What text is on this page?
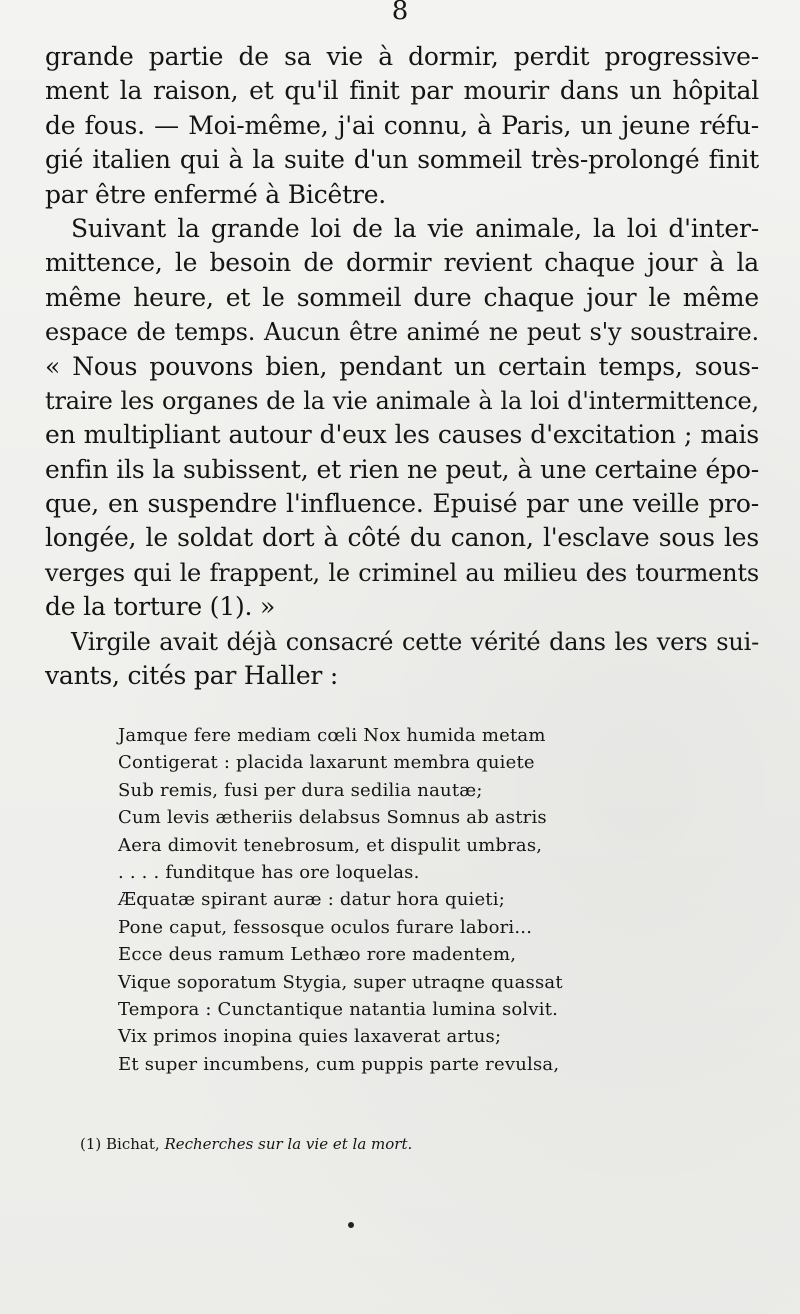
8
grande partie de sa vie à dormir, perdit progressive-
ment la raison, et qu'il finit par mourir dans un hôpital
de fous. — Moi-même, j'ai connu, à Paris, un jeune réfu-
gié italien qui à la suite d'un sommeil très-prolongé finit
par être enfermé à Bicêtre.
Suivant la grande loi de la vie animale, la loi d'inter-
mittence, le besoin de dormir revient chaque jour à la
même heure, et le sommeil dure chaque jour le même
espace de temps. Aucun être animé ne peut s'y soustraire.
« Nous pouvons bien, pendant un certain temps, sous-
traire les organes de la vie animale à la loi d'intermittence,
en multipliant autour d'eux les causes d'excitation ; mais
enfin ils la subissent, et rien ne peut, à une certaine épo-
que, en suspendre l'influence. Epuisé par une veille pro-
longée, le soldat dort à côté du canon, l'esclave sous les
verges qui le frappent, le criminel au milieu des tourments
de la torture (1). »
Virgile avait déjà consacré cette vérité dans les vers sui-
vants, cités par Haller :
Jamque fere mediam cœli Nox humida metam
Contigerat : placida laxarunt membra quiete
Sub remis, fusi per dura sedilia nautæ;
Cum levis ætheriis delabsus Somnus ab astris
Aera dimovit tenebrosum, et dispulit umbras,
. . . . funditque has ore loquelas.
Æquatæ spirant auræ : datur hora quieti;
Pone caput, fessosque oculos furare labori...
Ecce deus ramum Lethæo rore madentem,
Vique soporatum Stygia, super utraqne quassat
Tempora : Cunctantique natantia lumina solvit.
Vix primos inopina quies laxaverat artus;
Et super incumbens, cum puppis parte revulsa,
(1) Bichat, Recherches sur la vie et la mort.
